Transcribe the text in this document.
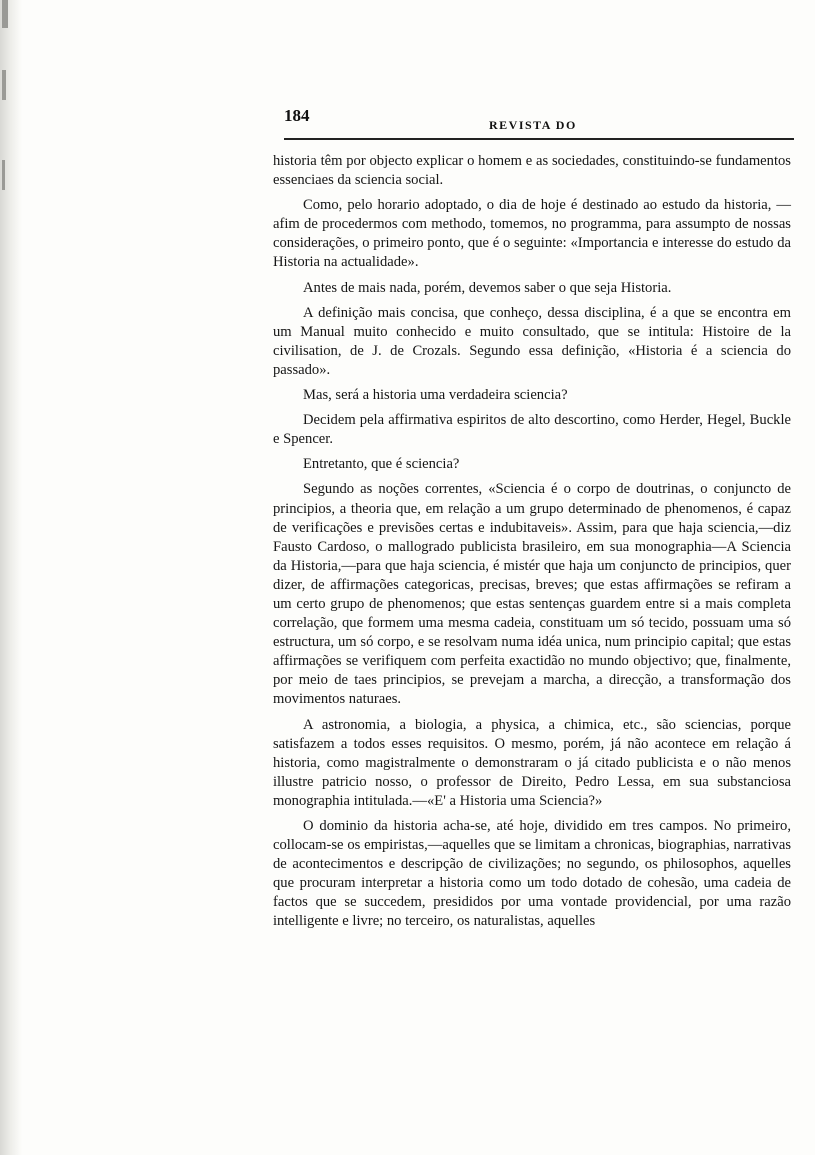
184	REVISTA DO

historia têm por objecto explicar o homem e as sociedades, constituindo-se fundamentos essenciaes da sciencia social.

Como, pelo horario adoptado, o dia de hoje é destinado ao estudo da historia, — afim de procedermos com methodo, tomemos, no programma, para assumpto de nossas considerações, o primeiro ponto, que é o seguinte: «Importancia e interesse do estudo da Historia na actualidade».

Antes de mais nada, porém, devemos saber o que seja Historia.

A definição mais concisa, que conheço, dessa disciplina, é a que se encontra em um Manual muito conhecido e muito consultado, que se intitula: Histoire de la civilisation, de J. de Crozals. Segundo essa definição, «Historia é a sciencia do passado».

Mas, será a historia uma verdadeira sciencia?

Decidem pela affirmativa espiritos de alto descortino, como Herder, Hegel, Buckle e Spencer.

Entretanto, que é sciencia?

Segundo as noções correntes, «Sciencia é o corpo de doutrinas, o conjuncto de principios, a theoria que, em relação a um grupo determinado de phenomenos, é capaz de verificações e previsões certas e indubitaveis». Assim, para que haja sciencia,—diz Fausto Cardoso, o mallogrado publicista brasileiro, em sua monographia—A Sciencia da Historia,—para que haja sciencia, é mistér que haja um conjuncto de principios, quer dizer, de affirmações categoricas, precisas, breves; que estas affirmações se refiram a um certo grupo de phenomenos; que estas sentenças guardem entre si a mais completa correlação, que formem uma mesma cadeia, constituam um só tecido, possuam uma só estructura, um só corpo, e se resolvam numa idéa unica, num principio capital; que estas affirmações se verifiquem com perfeita exactidão no mundo objectivo; que, finalmente, por meio de taes principios, se prevejam a marcha, a direcção, a transformação dos movimentos naturaes.

A astronomia, a biologia, a physica, a chimica, etc., são sciencias, porque satisfazem a todos esses requisitos. O mesmo, porém, já não acontece em relação á historia, como magistralmente o demonstraram o já citado publicista e o não menos illustre patricio nosso, o professor de Direito, Pedro Lessa, em sua substanciosa monographia intitulada.—«E' a Historia uma Sciencia?»

O dominio da historia acha-se, até hoje, dividido em tres campos. No primeiro, collocam-se os empiristas,—aquelles que se limitam a chronicas, biographias, narrativas de acontecimentos e descripção de civilizações; no segundo, os philosophos, aquelles que procuram interpretar a historia como um todo dotado de cohesão, uma cadeia de factos que se succedem, presididos por uma vontade providencial, por uma razão intelligente e livre; no terceiro, os naturalistas, aquelles
